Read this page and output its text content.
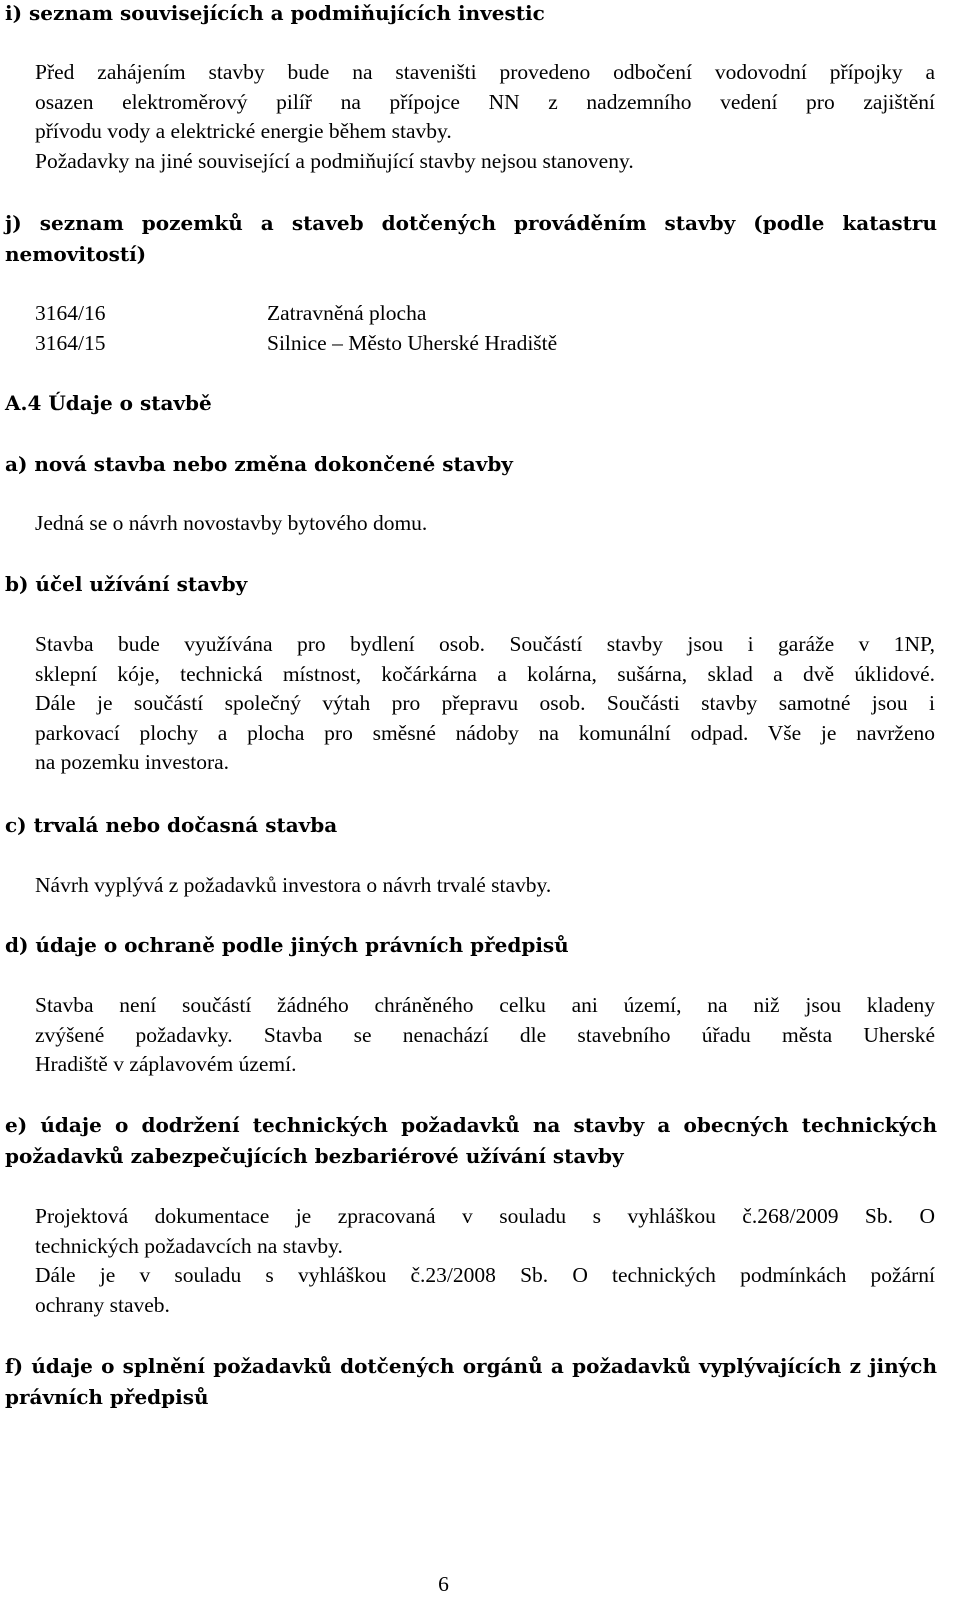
i) seznam souvisejících a podmiňujících investic
Před zahájením stavby bude na staveništi provedeno odbočení vodovodní přípojky a
osazen elektroměrový pilíř na přípojce NN z nadzemního vedení pro zajištění
přívodu vody a elektrické energie během stavby.
Požadavky na jiné související a podmiňující stavby nejsou stanoveny.
j) seznam pozemků a staveb dotčených prováděním stavby (podle katastru
nemovitostí)
3164/16	Zatravněná plocha
3164/15	Silnice – Město Uherské Hradiště
A.4 Údaje o stavbě
a) nová stavba nebo změna dokončené stavby
Jedná se o návrh novostavby bytového domu.
b) účel užívání stavby
Stavba bude využívána pro bydlení osob. Součástí stavby jsou i garáže v 1NP,
sklepní kóje, technická místnost, kočárkárna a kolárna, sušárna, sklad a dvě úklidové.
Dále je součástí společný výtah pro přepravu osob. Součásti stavby samotné jsou i
parkovací plochy a plocha pro směsné nádoby na komunální odpad. Vše je navrženo
na pozemku investora.
c) trvalá nebo dočasná stavba
Návrh vyplývá z požadavků investora o návrh trvalé stavby.
d) údaje o ochraně podle jiných právních předpisů
Stavba není součástí žádného chráněného celku ani území, na niž jsou kladeny
zvýšené požadavky. Stavba se nenachází dle stavebního úřadu města Uherské
Hradiště v záplavovém území.
e) údaje o dodržení technických požadavků na stavby a obecných technických
požadavků zabezpečujících bezbariérové užívání stavby
Projektová dokumentace je zpracovaná v souladu s vyhláškou č.268/2009 Sb. O
technických požadavcích na stavby.
Dále je v souladu s vyhláškou č.23/2008 Sb. O technických podmínkách požární
ochrany staveb.
f) údaje o splnění požadavků dotčených orgánů a požadavků vyplývajících z jiných
právních předpisů
6
